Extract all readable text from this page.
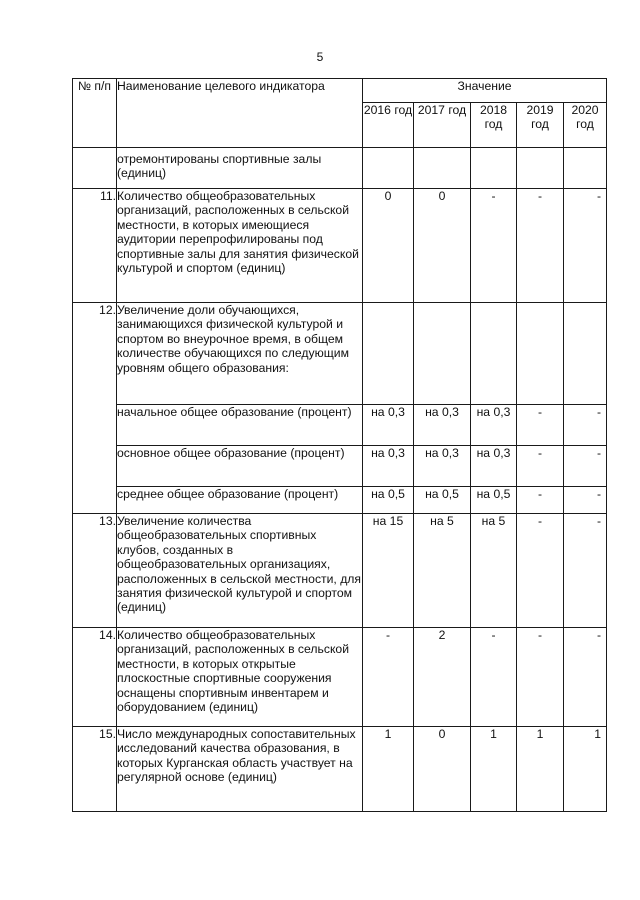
5
№ п/п	Наименование целевого индикатора	Значение				
		2016 год	2017 год	2018 год	2019 год	2020 год
	отремонтированы спортивные залы (единиц)					
11.	Количество общеобразовательных организаций, расположенных в сельской местности, в которых имеющиеся аудитории перепрофилированы под спортивные залы для занятия физической культурой и спортом (единиц)	0	0	-	-	-
12.	Увеличение доли обучающихся, занимающихся физической культурой и спортом во внеурочное время, в общем количестве обучающихся по следующим уровням общего образования:					
	начальное общее образование (процент)	на 0,3	на 0,3	на 0,3	-	-
	основное общее образование (процент)	на 0,3	на 0,3	на 0,3	-	-
	среднее общее образование (процент)	на 0,5	на 0,5	на 0,5	-	-
13.	Увеличение количества общеобразовательных спортивных клубов, созданных в общеобразовательных организациях, расположенных в сельской местности, для занятия физической культурой и спортом (единиц)	на 15	на 5	на 5	-	-
14.	Количество общеобразовательных организаций, расположенных в сельской местности, в которых открытые плоскостные спортивные сооружения оснащены спортивным инвентарем и оборудованием (единиц)	-	2	-	-	-
15.	Число международных сопоставительных исследований качества образования, в которых Курганская область участвует на регулярной основе (единиц)	1	0	1	1	1
